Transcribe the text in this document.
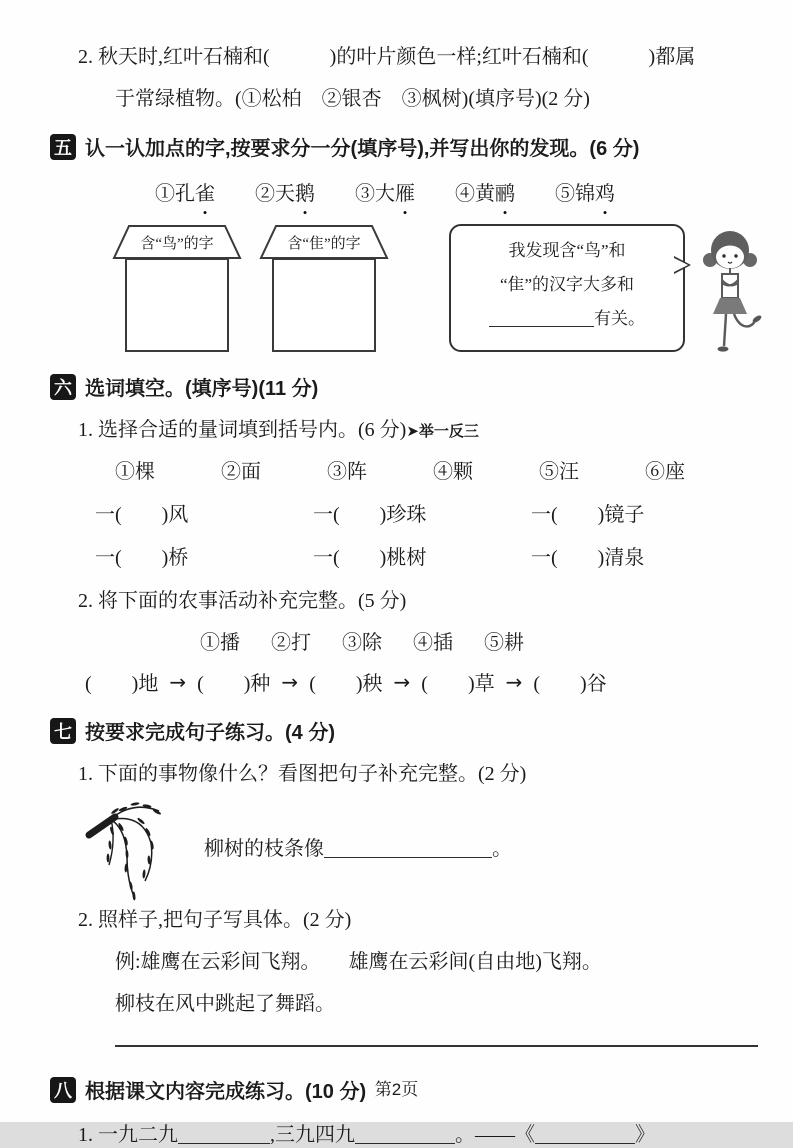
2. 秋天时,红叶石楠和(　　　)的叶片颜色一样;红叶石楠和(　　　)都属
于常绿植物。(①松柏　②银杏　③枫树)(填序号)(2 分)
五 认一认加点的字,按要求分一分(填序号),并写出你的发现。(6 分)
①孔雀 ②天鹅 ③大雁 ④黄鹂 ⑤锦鸡
含“鸟”的字	含“隹”的字	我发现含“鸟”和
“隹”的汉字大多和
有关。
六 选词填空。(填序号)(11 分)
1. 选择合适的量词填到括号内。(6 分)➤举一反三
①棵	②面	③阵	④颗	⑤汪	⑥座
一(　　)风	一(　　)珍珠	一(　　)镜子
一(　　)桥	一(　　)桃树	一(　　)清泉
2. 将下面的农事活动补充完整。(5 分)
①播 ②打 ③除 ④插 ⑤耕
(　　)地 → (　　)种 → (　　)秧 → (　　)草 → (　　)谷
七 按要求完成句子练习。(4 分)
1. 下面的事物像什么？看图把句子补充完整。(2 分)
柳树的枝条像	。
2. 照样子,把句子写具体。(2 分)
例:雄鹰在云彩间飞翔。 雄鹰在云彩间(自由地)飞翔。
柳枝在风中跳起了舞蹈。
八 根据课文内容完成练习。(10 分)
1. 一九二九	,三九四九	。——《	》
第2页
